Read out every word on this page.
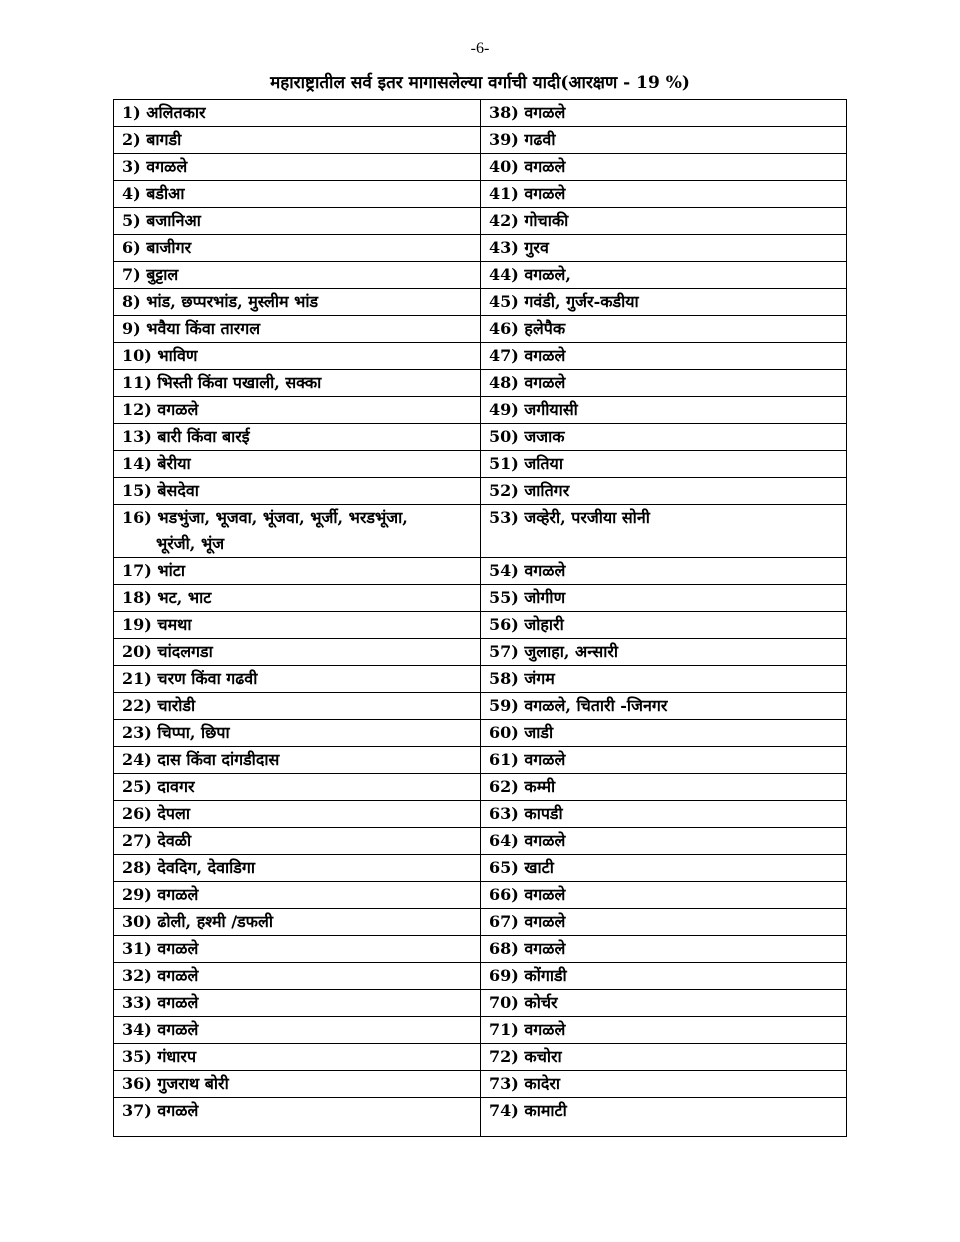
-6-
महाराष्ट्रातील सर्व इतर मागासलेल्या वर्गाची यादी(आरक्षण - 19 %)
1) अलितकार	38) वगळले
2) बागडी	39) गढवी
3) वगळले	40) वगळले
4) बडीआ	41) वगळले
5) बजानिआ	42) गोचाकी
6) बाजीगर	43) गुरव
7) बुट्टाल	44) वगळले,
8) भांड, छप्परभांड, मुस्लीम भांड	45) गवंडी, गुर्जर-कडीया
9) भवैया किंवा तारगल	46) हलेपैक
10) भाविण	47) वगळले
11) भिस्ती किंवा पखाली, सक्का	48) वगळले
12) वगळले	49) जगीयासी
13) बारी किंवा बारई	50) जजाक
14) बेरीया	51) जतिया
15) बेसदेवा	52) जातिगर
16) भडभुंजा, भूजवा, भूंजवा, भूर्जी, भरडभूंजा,
भूरंजी, भूंज	53) जव्हेरी, परजीया सोनी
17) भांटा	54) वगळले
18) भट, भाट	55) जोगीण
19) चमथा	56) जोहारी
20) चांदलगडा	57) जुलाहा, अन्सारी
21) चरण किंवा गढवी	58) जंगम
22) चारोडी	59) वगळले, चितारी -जिनगर
23) चिप्पा, छिपा	60) जाडी
24) दास किंवा दांगडीदास	61) वगळले
25) दावगर	62) कम्मी
26) देपला	63) कापडी
27) देवळी	64) वगळले
28) देवदिग, देवाडिगा	65) खाटी
29) वगळले	66) वगळले
30) ढोली, हश्मी /डफली	67) वगळले
31) वगळले	68) वगळले
32) वगळले	69) कोंगाडी
33) वगळले	70) कोर्चर
34) वगळले	71) वगळले
35) गंधारप	72) कचोरा
36) गुजराथ बोरी	73) कादेरा
37) वगळले	74) कामाटी
